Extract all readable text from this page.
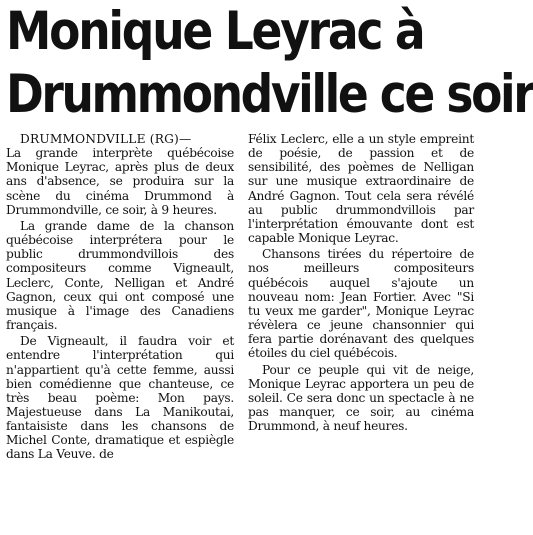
Monique Leyrac à
Drummondville ce soir

DRUMMONDVILLE (RG)—
La grande interprète québécoise Monique Leyrac, après plus de deux ans d'absence, se produira sur la scène du cinéma Drummond à Drummondville, ce soir, à 9 heures.

La grande dame de la chanson québécoise interprétera pour le public drummondvillois des compositeurs comme Vigneault, Leclerc, Conte, Nelligan et André Gagnon, ceux qui ont composé une musique à l'image des Canadiens français.

De Vigneault, il faudra voir et entendre l'interprétation qui n'appartient qu'à cette femme, aussi bien comédienne que chanteuse, ce très beau poème: Mon pays. Majestueuse dans La Manikoutai, fantaisiste dans les chansons de Michel Conte, dramatique et espiègle dans La Veuve. de

Félix Leclerc, elle a un style empreint de poésie, de passion et de sensibilité, des poèmes de Nelligan sur une musique extraordinaire de André Gagnon. Tout cela sera révélé au public drummondvillois par l'interprétation émouvante dont est capable Monique Leyrac.

Chansons tirées du répertoire de nos meilleurs compositeurs québécois auquel s'ajoute un nouveau nom: Jean Fortier. Avec "Si tu veux me garder", Monique Leyrac révèlera ce jeune chansonnier qui fera partie dorénavant des quelques étoiles du ciel québécois.

Pour ce peuple qui vit de neige, Monique Leyrac apportera un peu de soleil. Ce sera donc un spectacle à ne pas manquer, ce soir, au cinéma Drummond, à neuf heures.
